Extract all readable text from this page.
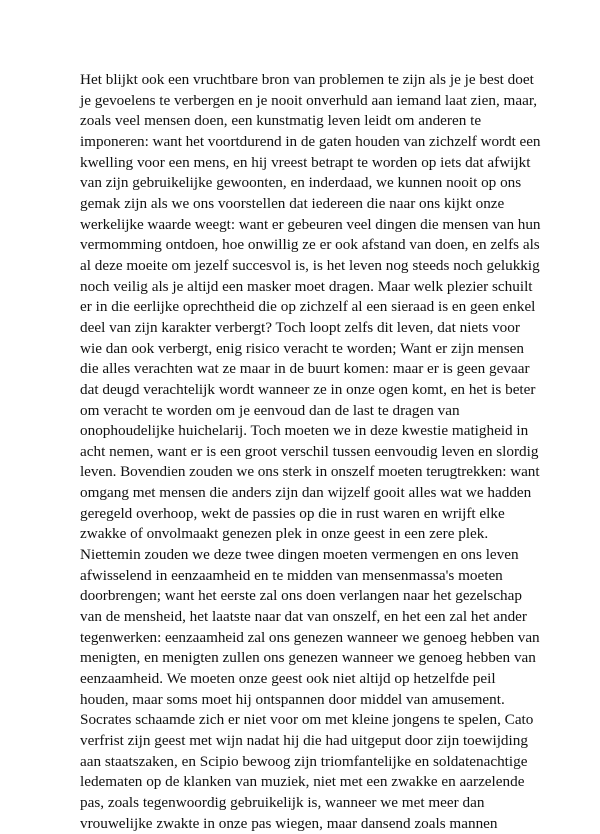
Het blijkt ook een vruchtbare bron van problemen te zijn als je je best doet
je gevoelens te verbergen en je nooit onverhuld aan iemand laat zien, maar,
zoals veel mensen doen, een kunstmatig leven leidt om anderen te
imponeren: want het voortdurend in de gaten houden van zichzelf wordt een
kwelling voor een mens, en hij vreest betrapt te worden op iets dat afwijkt
van zijn gebruikelijke gewoonten, en inderdaad, we kunnen nooit op ons
gemak zijn als we ons voorstellen dat iedereen die naar ons kijkt onze
werkelijke waarde weegt: want er gebeuren veel dingen die mensen van hun
vermomming ontdoen, hoe onwillig ze er ook afstand van doen, en zelfs als
al deze moeite om jezelf succesvol is, is het leven nog steeds noch gelukkig
noch veilig als je altijd een masker moet dragen. Maar welk plezier schuilt
er in die eerlijke oprechtheid die op zichzelf al een sieraad is en geen enkel
deel van zijn karakter verbergt? Toch loopt zelfs dit leven, dat niets voor
wie dan ook verbergt, enig risico veracht te worden; Want er zijn mensen
die alles verachten wat ze maar in de buurt komen: maar er is geen gevaar
dat deugd verachtelijk wordt wanneer ze in onze ogen komt, en het is beter
om veracht te worden om je eenvoud dan de last te dragen van
onophoudelijke huichelarij. Toch moeten we in deze kwestie matigheid in
acht nemen, want er is een groot verschil tussen eenvoudig leven en slordig
leven. Bovendien zouden we ons sterk in onszelf moeten terugtrekken: want
omgang met mensen die anders zijn dan wijzelf gooit alles wat we hadden
geregeld overhoop, wekt de passies op die in rust waren en wrijft elke
zwakke of onvolmaakt genezen plek in onze geest in een zere plek.
Niettemin zouden we deze twee dingen moeten vermengen en ons leven
afwisselend in eenzaamheid en te midden van mensenmassa's moeten
doorbrengen; want het eerste zal ons doen verlangen naar het gezelschap
van de mensheid, het laatste naar dat van onszelf, en het een zal het ander
tegenwerken: eenzaamheid zal ons genezen wanneer we genoeg hebben van
menigten, en menigten zullen ons genezen wanneer we genoeg hebben van
eenzaamheid. We moeten onze geest ook niet altijd op hetzelfde peil
houden, maar soms moet hij ontspannen door middel van amusement.
Socrates schaamde zich er niet voor om met kleine jongens te spelen, Cato
verfrist zijn geest met wijn nadat hij die had uitgeput door zijn toewijding
aan staatszaken, en Scipio bewoog zijn triomfantelijke en soldatenachtige
ledematen op de klanken van muziek, niet met een zwakke en aarzelende
pas, zoals tegenwoordig gebruikelijk is, wanneer we met meer dan
vrouwelijke zwakte in onze pas wiegen, maar dansend zoals mannen
